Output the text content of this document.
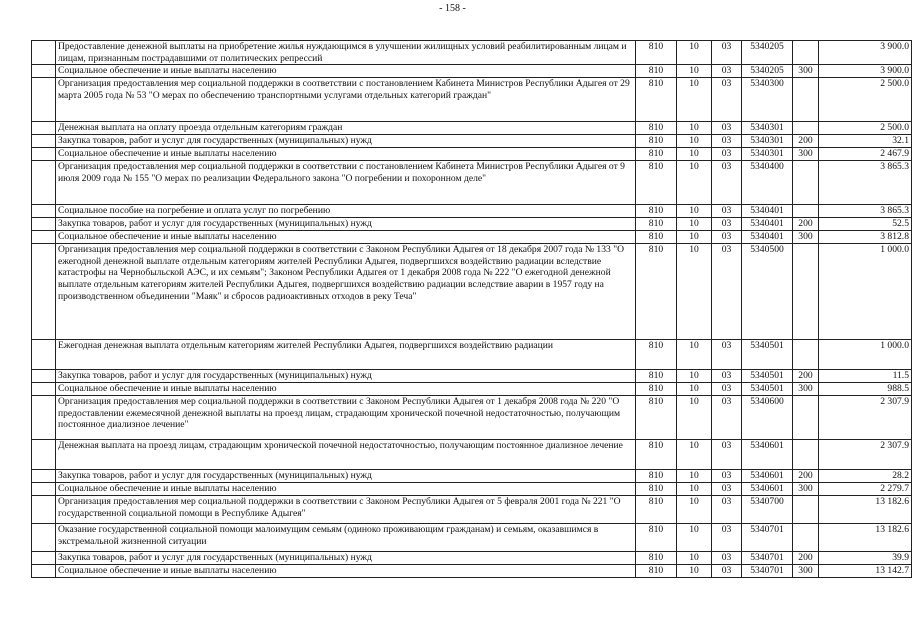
- 158 -
	Предоставление денежной выплаты на приобретение жилья нуждающимся в улучшении жилищных условий реабилитированным лицам и лицам, признанным пострадавшими от политических репрессий	810	10	03	5340205		3 900.0
	Социальное обеспечение и иные выплаты населению	810	10	03	5340205	300	3 900.0
	Организация предоставления мер социальной поддержки в соответствии с постановлением Кабинета Министров Республики Адыгея от 29 марта 2005 года № 53 "О мерах по обеспечению транспортными услугами отдельных категорий граждан"	810	10	03	5340300		2 500.0
	Денежная выплата на оплату проезда отдельным категориям граждан	810	10	03	5340301		2 500.0
	Закупка товаров, работ и услуг для государственных (муниципальных) нужд	810	10	03	5340301	200	32.1
	Социальное обеспечение и иные выплаты населению	810	10	03	5340301	300	2 467.9
	Организация предоставления мер социальной поддержки в соответствии с постановлением Кабинета Министров Республики Адыгея от 9 июля 2009 года № 155 "О мерах по реализации Федерального закона "О погребении и похоронном деле"	810	10	03	5340400		3 865.3
	Социальное пособие на погребение и оплата услуг по погребению	810	10	03	5340401		3 865.3
	Закупка товаров, работ и услуг для государственных (муниципальных) нужд	810	10	03	5340401	200	52.5
	Социальное обеспечение и иные выплаты населению	810	10	03	5340401	300	3 812.8
	Организация предоставления мер социальной поддержки в соответствии с Законом Республики Адыгея от 18 декабря 2007 года № 133 "О ежегодной денежной выплате отдельным категориям жителей Республики Адыгея, подвергшихся воздействию радиации вследствие катастрофы на Чернобыльской АЭС, и их семьям"; Законом Республики Адыгея от 1 декабря 2008 года № 222 "О ежегодной денежной выплате отдельным категориям жителей Республики Адыгея, подвергшихся воздействию радиации вследствие аварии в 1957 году на производственном объединении "Маяк" и сбросов радиоактивных отходов в реку Теча"	810	10	03	5340500		1 000.0
	Ежегодная денежная выплата отдельным категориям жителей Республики Адыгея, подвергшихся воздействию радиации	810	10	03	5340501		1 000.0
	Закупка товаров, работ и услуг для государственных (муниципальных) нужд	810	10	03	5340501	200	11.5
	Социальное обеспечение и иные выплаты населению	810	10	03	5340501	300	988.5
	Организация предоставления мер социальной поддержки в соответствии с Законом Республики Адыгея от 1 декабря 2008 года № 220 "О предоставлении ежемесячной денежной выплаты на проезд лицам, страдающим хронической почечной недостаточностью, получающим постоянное диализное лечение"	810	10	03	5340600		2 307.9
	Денежная выплата на проезд лицам, страдающим хронической почечной недостаточностью, получающим постоянное диализное лечение	810	10	03	5340601		2 307.9
	Закупка товаров, работ и услуг для государственных (муниципальных) нужд	810	10	03	5340601	200	28.2
	Социальное обеспечение и иные выплаты населению	810	10	03	5340601	300	2 279.7
	Организация предоставления мер социальной поддержки в соответствии с Законом Республики Адыгея от 5 февраля 2001 года № 221 "О государственной социальной помощи в Республике Адыгея"	810	10	03	5340700		13 182.6
	Оказание государственной социальной помощи малоимущим семьям (одиноко проживающим гражданам) и семьям, оказавшимся в экстремальной жизненной ситуации	810	10	03	5340701		13 182.6
	Закупка товаров, работ и услуг для государственных (муниципальных) нужд	810	10	03	5340701	200	39.9
	Социальное обеспечение и иные выплаты населению	810	10	03	5340701	300	13 142.7
